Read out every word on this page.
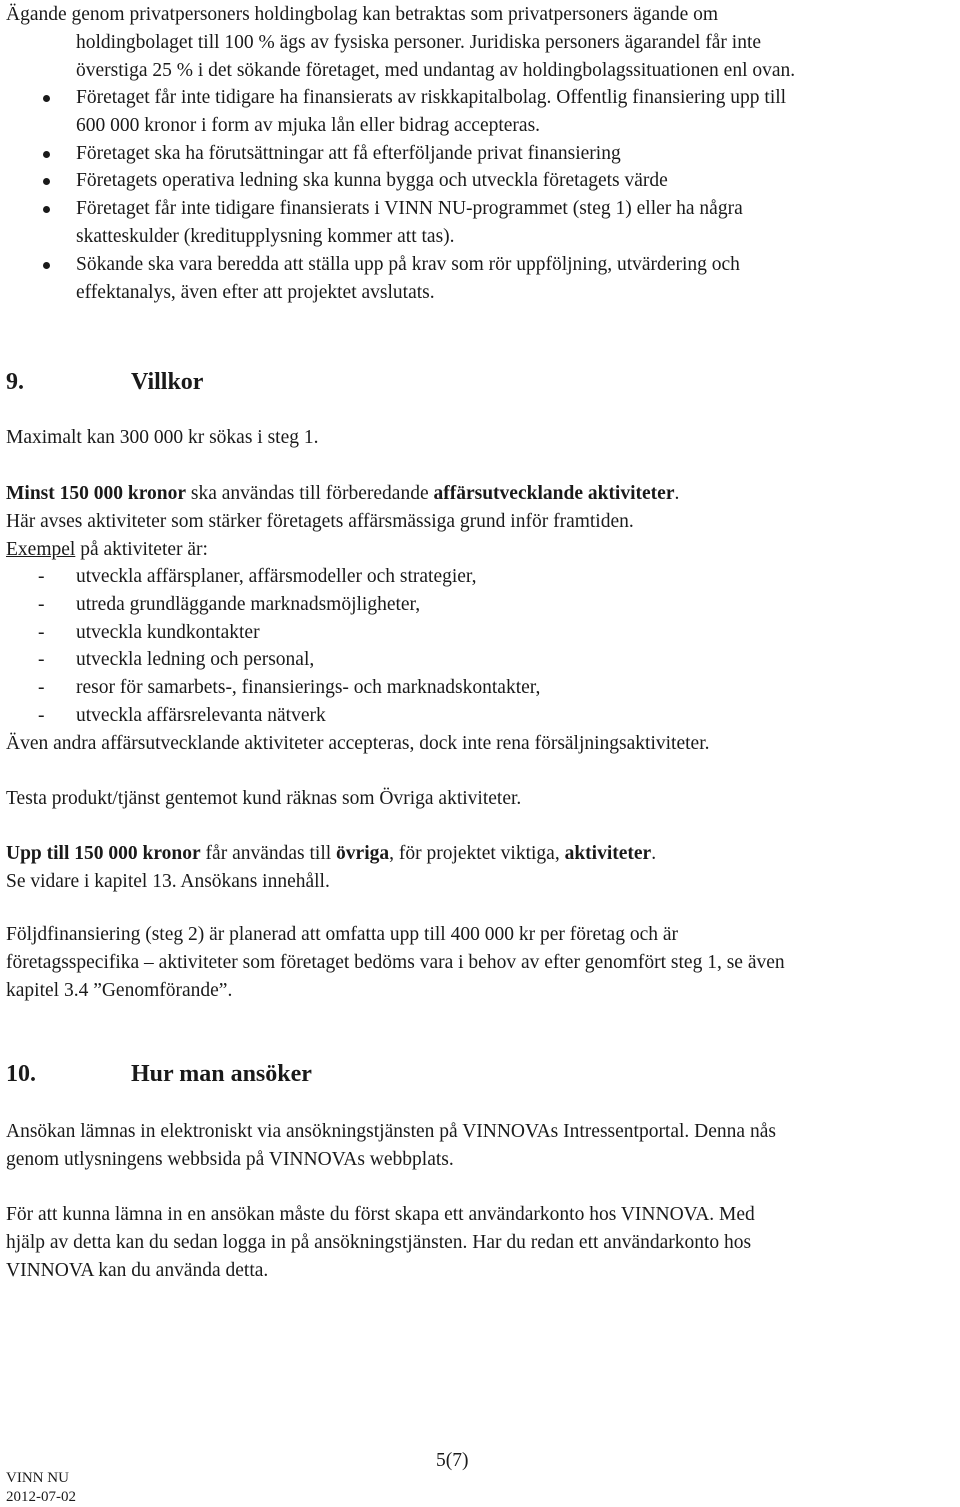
Ägande genom privatpersoners holdingbolag kan betraktas som privatpersoners ägande om
holdingbolaget till 100 % ägs av fysiska personer. Juridiska personers ägarandel får inte
överstiga 25 % i det sökande företaget, med undantag av holdingbolagssituationen enl ovan.
Företaget får inte tidigare ha finansierats av riskkapitalbolag. Offentlig finansiering upp till
600 000 kronor i form av mjuka lån eller bidrag accepteras.
Företaget ska ha förutsättningar att få efterföljande privat finansiering
Företagets operativa ledning ska kunna bygga och utveckla företagets värde
Företaget får inte tidigare finansierats i VINN NU-programmet (steg 1) eller ha några
skatteskulder (kreditupplysning kommer att tas).
Sökande ska vara beredda att ställa upp på krav som rör uppföljning, utvärdering och
effektanalys, även efter att projektet avslutats.
9.	Villkor
Maximalt kan 300 000 kr sökas i steg 1.
Minst 150 000 kronor ska användas till förberedande affärsutvecklande aktiviteter.
Här avses aktiviteter som stärker företagets affärsmässiga grund inför framtiden.
Exempel på aktiviteter är:
- utveckla affärsplaner, affärsmodeller och strategier,
- utreda grundläggande marknadsmöjligheter,
- utveckla kundkontakter
- utveckla ledning och personal,
- resor för samarbets-, finansierings- och marknadskontakter,
- utveckla affärsrelevanta nätverk
Även andra affärsutvecklande aktiviteter accepteras, dock inte rena försäljningsaktiviteter.
Testa produkt/tjänst gentemot kund räknas som Övriga aktiviteter.
Upp till 150 000 kronor får användas till övriga, för projektet viktiga, aktiviteter.
Se vidare i kapitel 13. Ansökans innehåll.
Följdfinansiering (steg 2) är planerad att omfatta upp till 400 000 kr per företag och är
företagsspecifika – aktiviteter som företaget bedöms vara i behov av efter genomfört steg 1, se även
kapitel 3.4 ”Genomförande”.
10.	Hur man ansöker
Ansökan lämnas in elektroniskt via ansökningstjänsten på VINNOVAs Intressentportal. Denna nås
genom utlysningens webbsida på VINNOVAs webbplats.
För att kunna lämna in en ansökan måste du först skapa ett användarkonto hos VINNOVA. Med
hjälp av detta kan du sedan logga in på ansökningstjänsten. Har du redan ett användarkonto hos
VINNOVA kan du använda detta.
5(7)
VINN NU
2012-07-02
